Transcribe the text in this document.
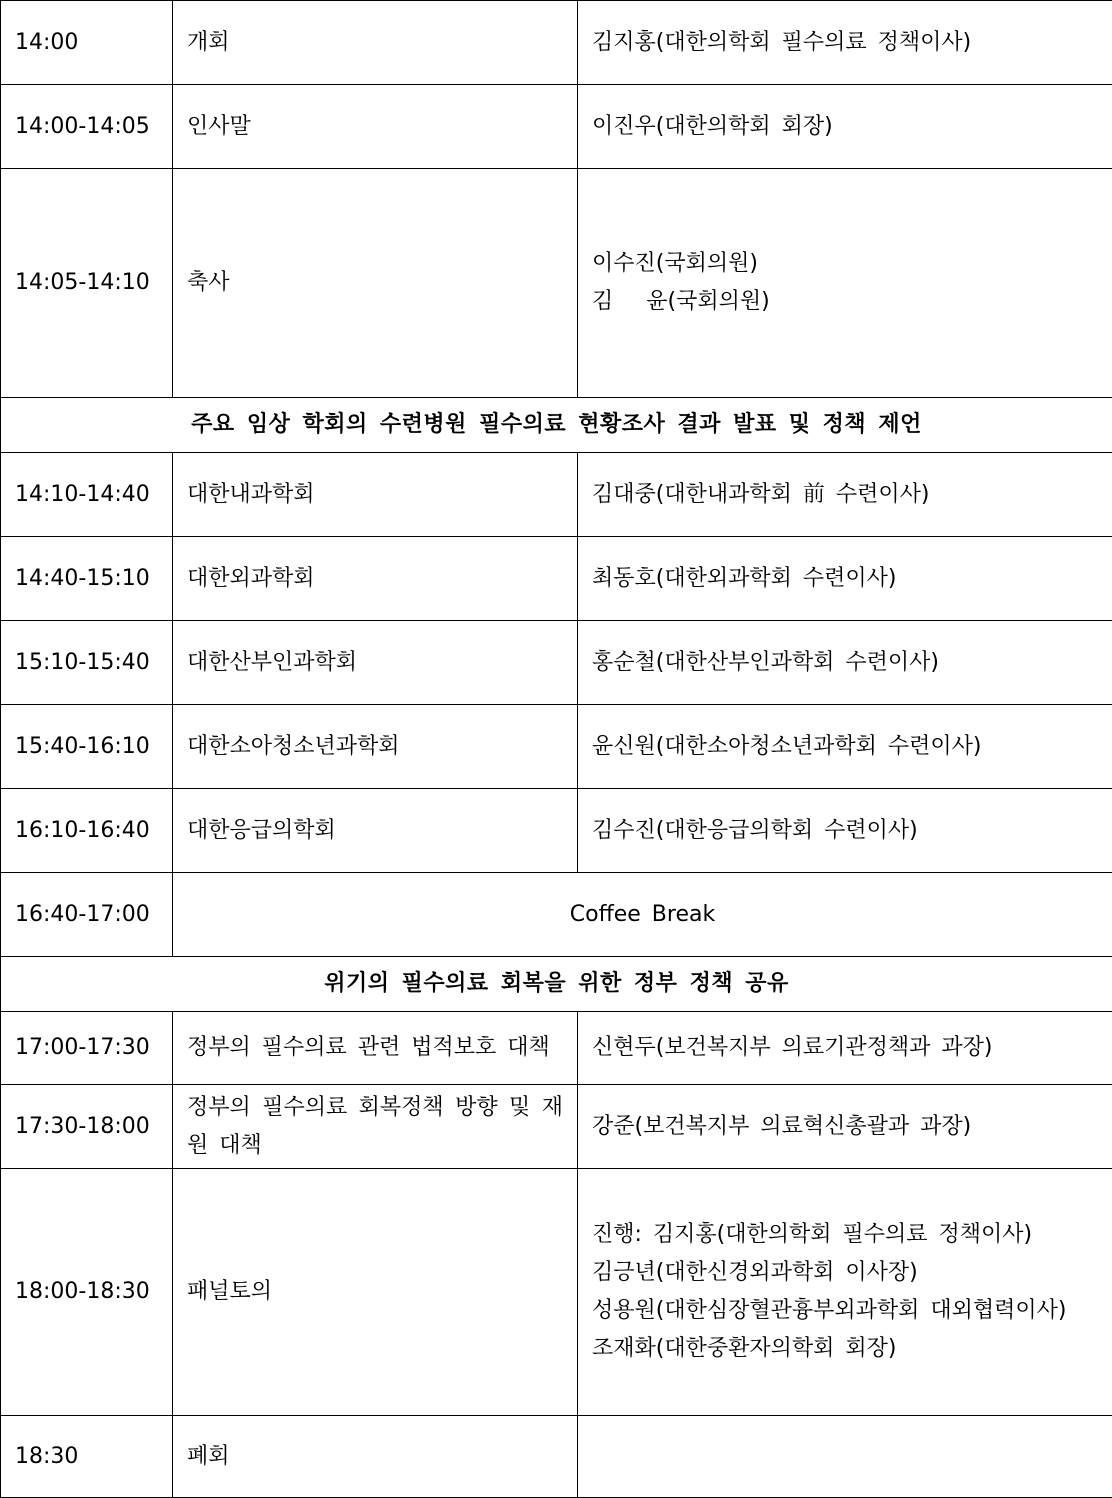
14:00	개회	김지홍(대한의학회 필수의료 정책이사)

14:00-14:05	인사말	이진우(대한의학회 회장)

14:05-14:10	축사	이수진(국회의원)
김   윤(국회의원)

주요 임상 학회의 수련병원 필수의료 현황조사 결과 발표 및 정책 제언		
14:10-14:40	대한내과학회	김대중(대한내과학회 前 수련이사)

14:40-15:10	대한외과학회	최동호(대한외과학회 수련이사)

15:10-15:40	대한산부인과학회	홍순철(대한산부인과학회 수련이사)

15:40-16:10	대한소아청소년과학회	윤신원(대한소아청소년과학회 수련이사)

16:10-16:40	대한응급의학회	김수진(대한응급의학회 수련이사)

16:40-17:00	Coffee Break	
위기의 필수의료 회복을 위한 정부 정책 공유		
17:00-17:30	정부의 필수의료 관련 법적보호 대책	신현두(보건복지부 의료기관정책과 과장)

17:30-18:00	정부의 필수의료 회복정책 방향 및 재원 대책	강준(보건복지부 의료혁신총괄과 과장)

18:00-18:30	패널토의	진행: 김지홍(대한의학회 필수의료 정책이사)
김긍년(대한신경외과학회 이사장)
성용원(대한심장혈관흉부외과학회 대외협력이사)
조재화(대한중환자의학회 회장)

18:30	폐회	
